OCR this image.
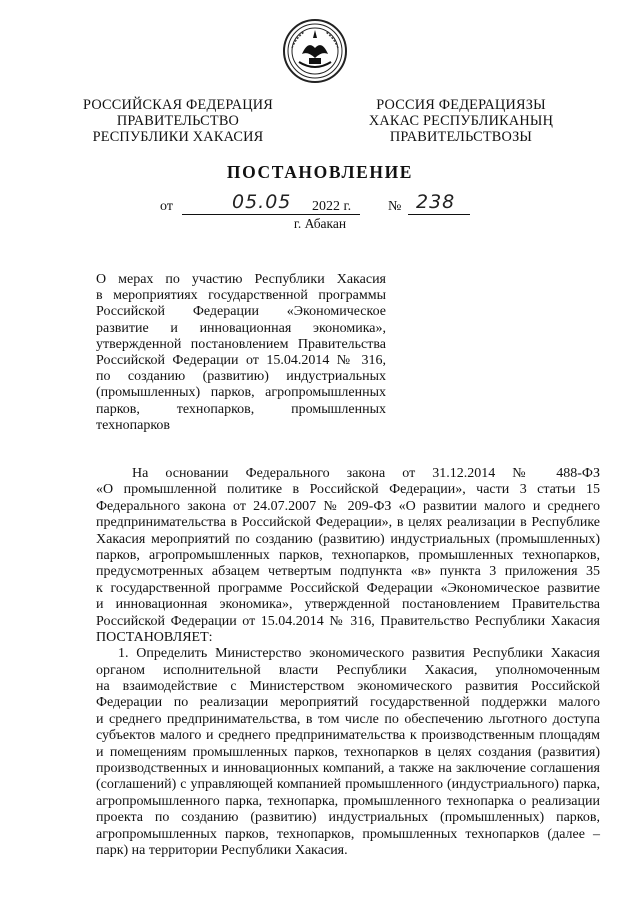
РОССИЙСКАЯ ФЕДЕРАЦИЯ
ПРАВИТЕЛЬСТВО
РЕСПУБЛИКИ ХАКАСИЯ
РОССИЯ ФЕДЕРАЦИЯЗЫ
ХАКАС РЕСПУБЛИКАНЫҢ
ПРАВИТЕЛЬСТВОЗЫ
ПОСТАНОВЛЕНИЕ
от	05.05 2022 г.	№ 238
г. Абакан
О мерах по участию Республики Хакасия
в мероприятиях государственной программы
Российской Федерации «Экономическое
развитие и инновационная экономика»,
утвержденной постановлением Правительства
Российской Федерации от 15.04.2014 № 316,
по созданию (развитию) индустриальных
(промышленных) парков, агропромышленных
парков, технопарков, промышленных
технопарков
На основании Федерального закона от 31.12.2014 № 488-ФЗ
«О промышленной политике в Российской Федерации», части 3 статьи 15
Федерального закона от 24.07.2007 № 209-ФЗ «О развитии малого и среднего
предпринимательства в Российской Федерации», в целях реализации в Республике
Хакасия мероприятий по созданию (развитию) индустриальных (промышленных)
парков, агропромышленных парков, технопарков, промышленных технопарков,
предусмотренных абзацем четвертым подпункта «в» пункта 3 приложения 35
к государственной программе Российской Федерации «Экономическое развитие
и инновационная экономика», утвержденной постановлением Правительства
Российской Федерации от 15.04.2014 № 316, Правительство Республики Хакасия
ПОСТАНОВЛЯЕТ:
1. Определить Министерство экономического развития Республики Хакасия
органом исполнительной власти Республики Хакасия, уполномоченным
на взаимодействие с Министерством экономического развития Российской
Федерации по реализации мероприятий государственной поддержки малого
и среднего предпринимательства, в том числе по обеспечению льготного доступа
субъектов малого и среднего предпринимательства к производственным площадям
и помещениям промышленных парков, технопарков в целях создания (развития)
производственных и инновационных компаний, а также на заключение соглашения
(соглашений) с управляющей компанией промышленного (индустриального) парка,
агропромышленного парка, технопарка, промышленного технопарка о реализации
проекта по созданию (развитию) индустриальных (промышленных) парков,
агропромышленных парков, технопарков, промышленных технопарков (далее –
парк) на территории Республики Хакасия.
